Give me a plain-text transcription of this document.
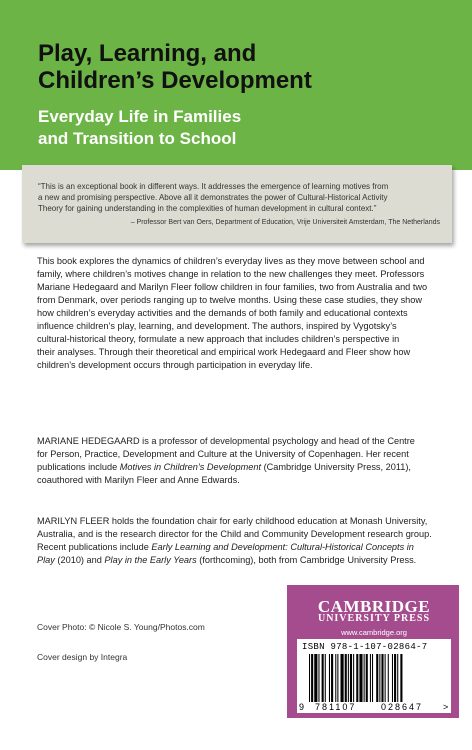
Play, Learning, and
Children’s Development
Everyday Life in Families
and Transition to School
“This is an exceptional book in different ways. It addresses the emergence of learning motives from
a new and promising perspective. Above all it demonstrates the power of Cultural-Historical Activity
Theory for gaining understanding in the complexities of human development in cultural context.”
– Professor Bert van Oers, Department of Education, Vrije Universiteit Amsterdam, The Netherlands
This book explores the dynamics of children’s everyday lives as they move between school and
family, where children’s motives change in relation to the new challenges they meet. Professors
Mariane Hedegaard and Marilyn Fleer follow children in four families, two from Australia and two
from Denmark, over periods ranging up to twelve months. Using these case studies, they show
how children’s everyday activities and the demands of both family and educational contexts
influence children’s play, learning, and development. The authors, inspired by Vygotsky’s
cultural-historical theory, formulate a new approach that includes children’s perspective in
their analyses. Through their theoretical and empirical work Hedegaard and Fleer show how
children’s development occurs through participation in everyday life.
MARIANE HEDEGAARD is a professor of developmental psychology and head of the Centre
for Person, Practice, Development and Culture at the University of Copenhagen. Her recent
publications include Motives in Children’s Development (Cambridge University Press, 2011),
coauthored with Marilyn Fleer and Anne Edwards.
MARILYN FLEER holds the foundation chair for early childhood education at Monash University,
Australia, and is the research director for the Child and Community Development research group.
Recent publications include Early Learning and Development: Cultural-Historical Concepts in
Play (2010) and Play in the Early Years (forthcoming), both from Cambridge University Press.
Cover Photo: © Nicole S. Young/Photos.com
Cover design by Integra
CAMBRIDGE
UNIVERSITY PRESS
www.cambridge.org
ISBN 978-1-107-02864-7
9 781107	028647 >
